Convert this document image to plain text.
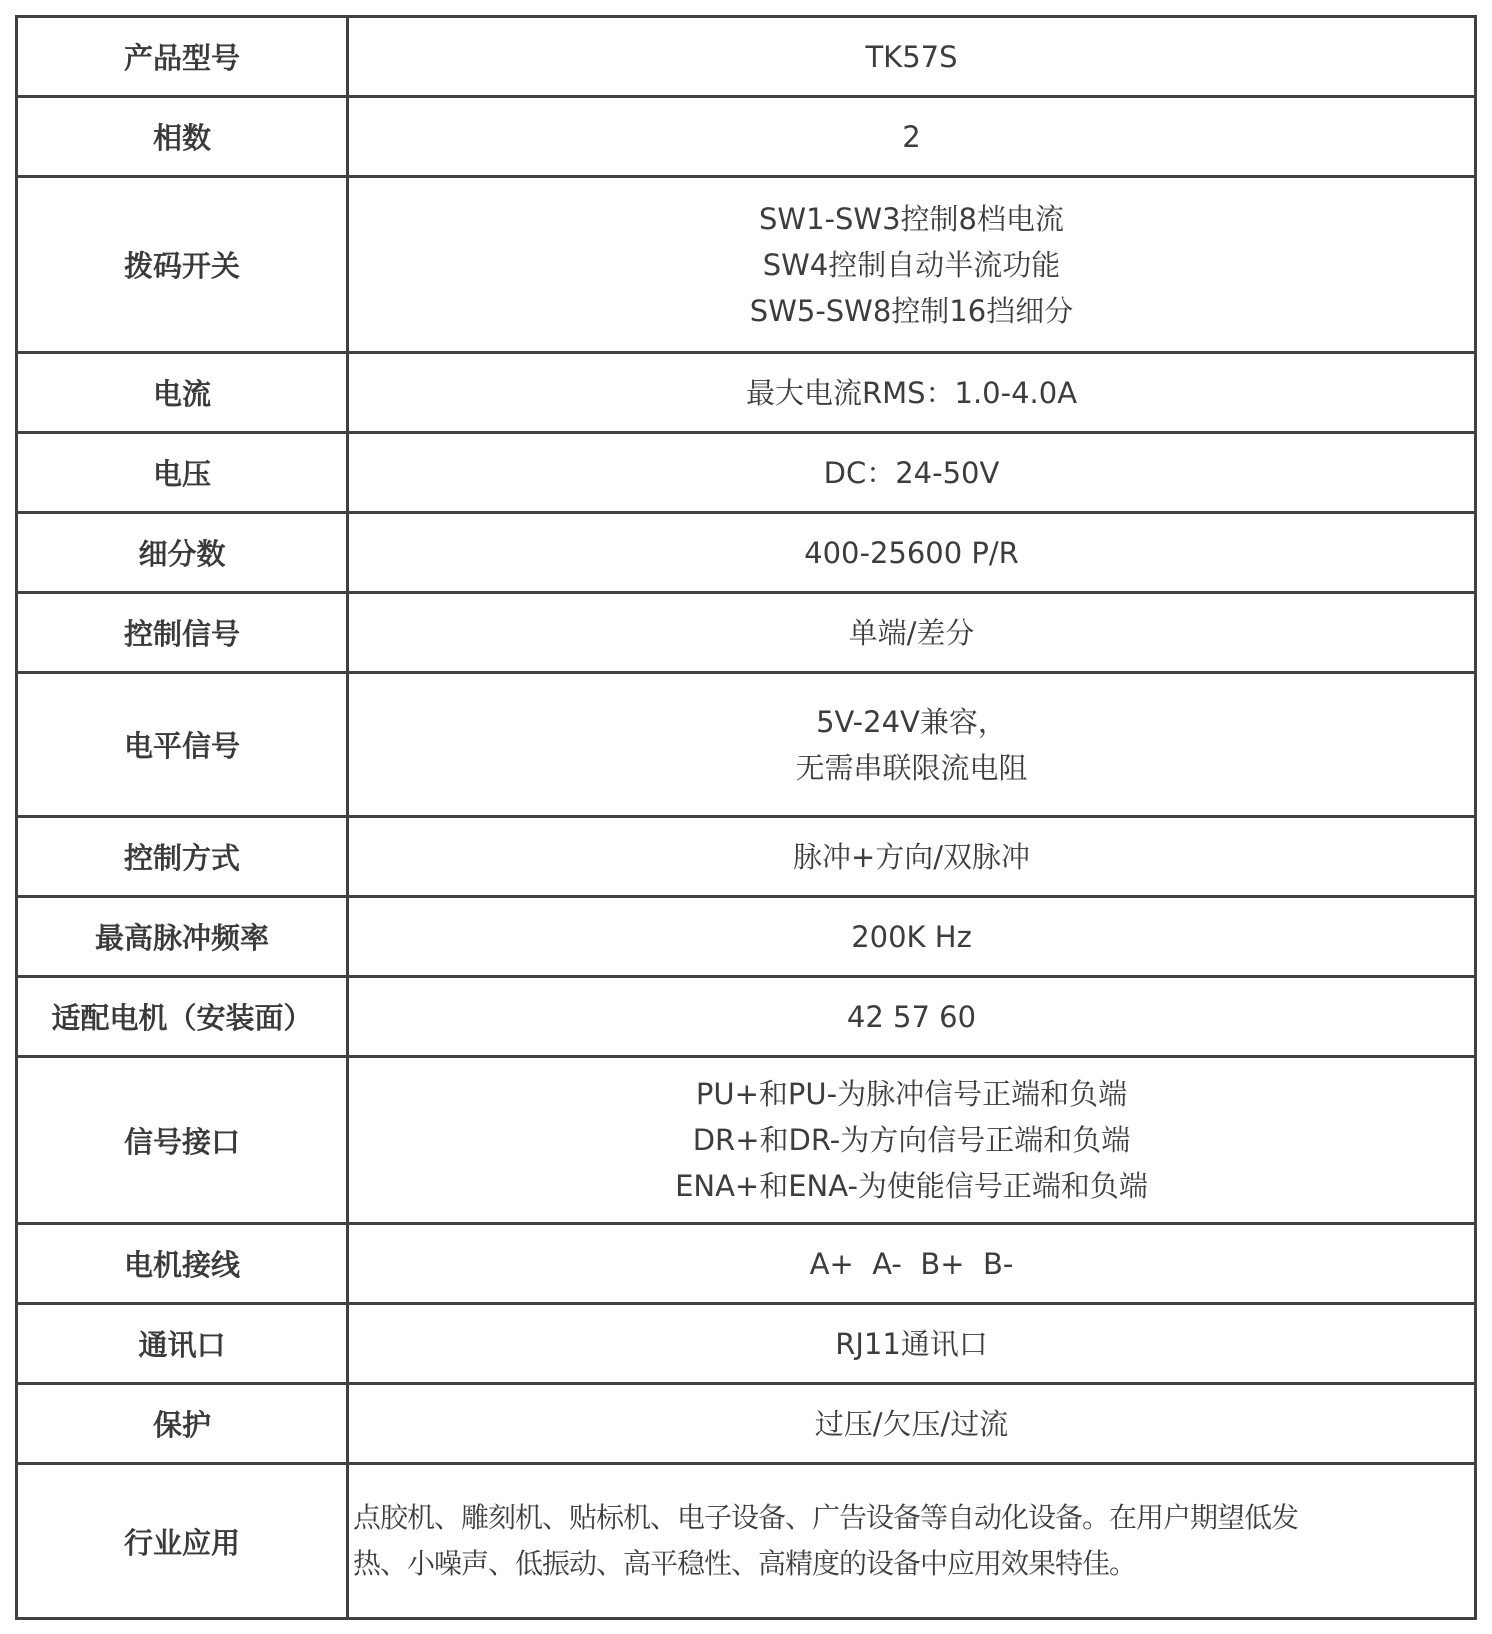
产品型号	TK57S

相数	2

拨码开关	SW1-SW3控制8档电流
SW4控制自动半流功能
SW5-SW8控制16挡细分

电流	最大电流RMS：1.0-4.0A

电压	DC：24-50V

细分数	400-25600 P/R

控制信号	单端/差分

电平信号	5V-24V兼容，
无需串联限流电阻

控制方式	脉冲+方向/双脉冲

最高脉冲频率	200K Hz

适配电机（安装面）	42 57 60

信号接口	PU+和PU-为脉冲信号正端和负端
DR+和DR-为方向信号正端和负端
ENA+和ENA-为使能信号正端和负端

电机接线	A+  A-  B+  B-

通讯口	RJ11通讯口

保护	过压/欠压/过流

行业应用	点胶机、雕刻机、贴标机、电子设备、广告设备等自动化设备。在用户期望低发
热、小噪声、低振动、高平稳性、高精度的设备中应用效果特佳。
